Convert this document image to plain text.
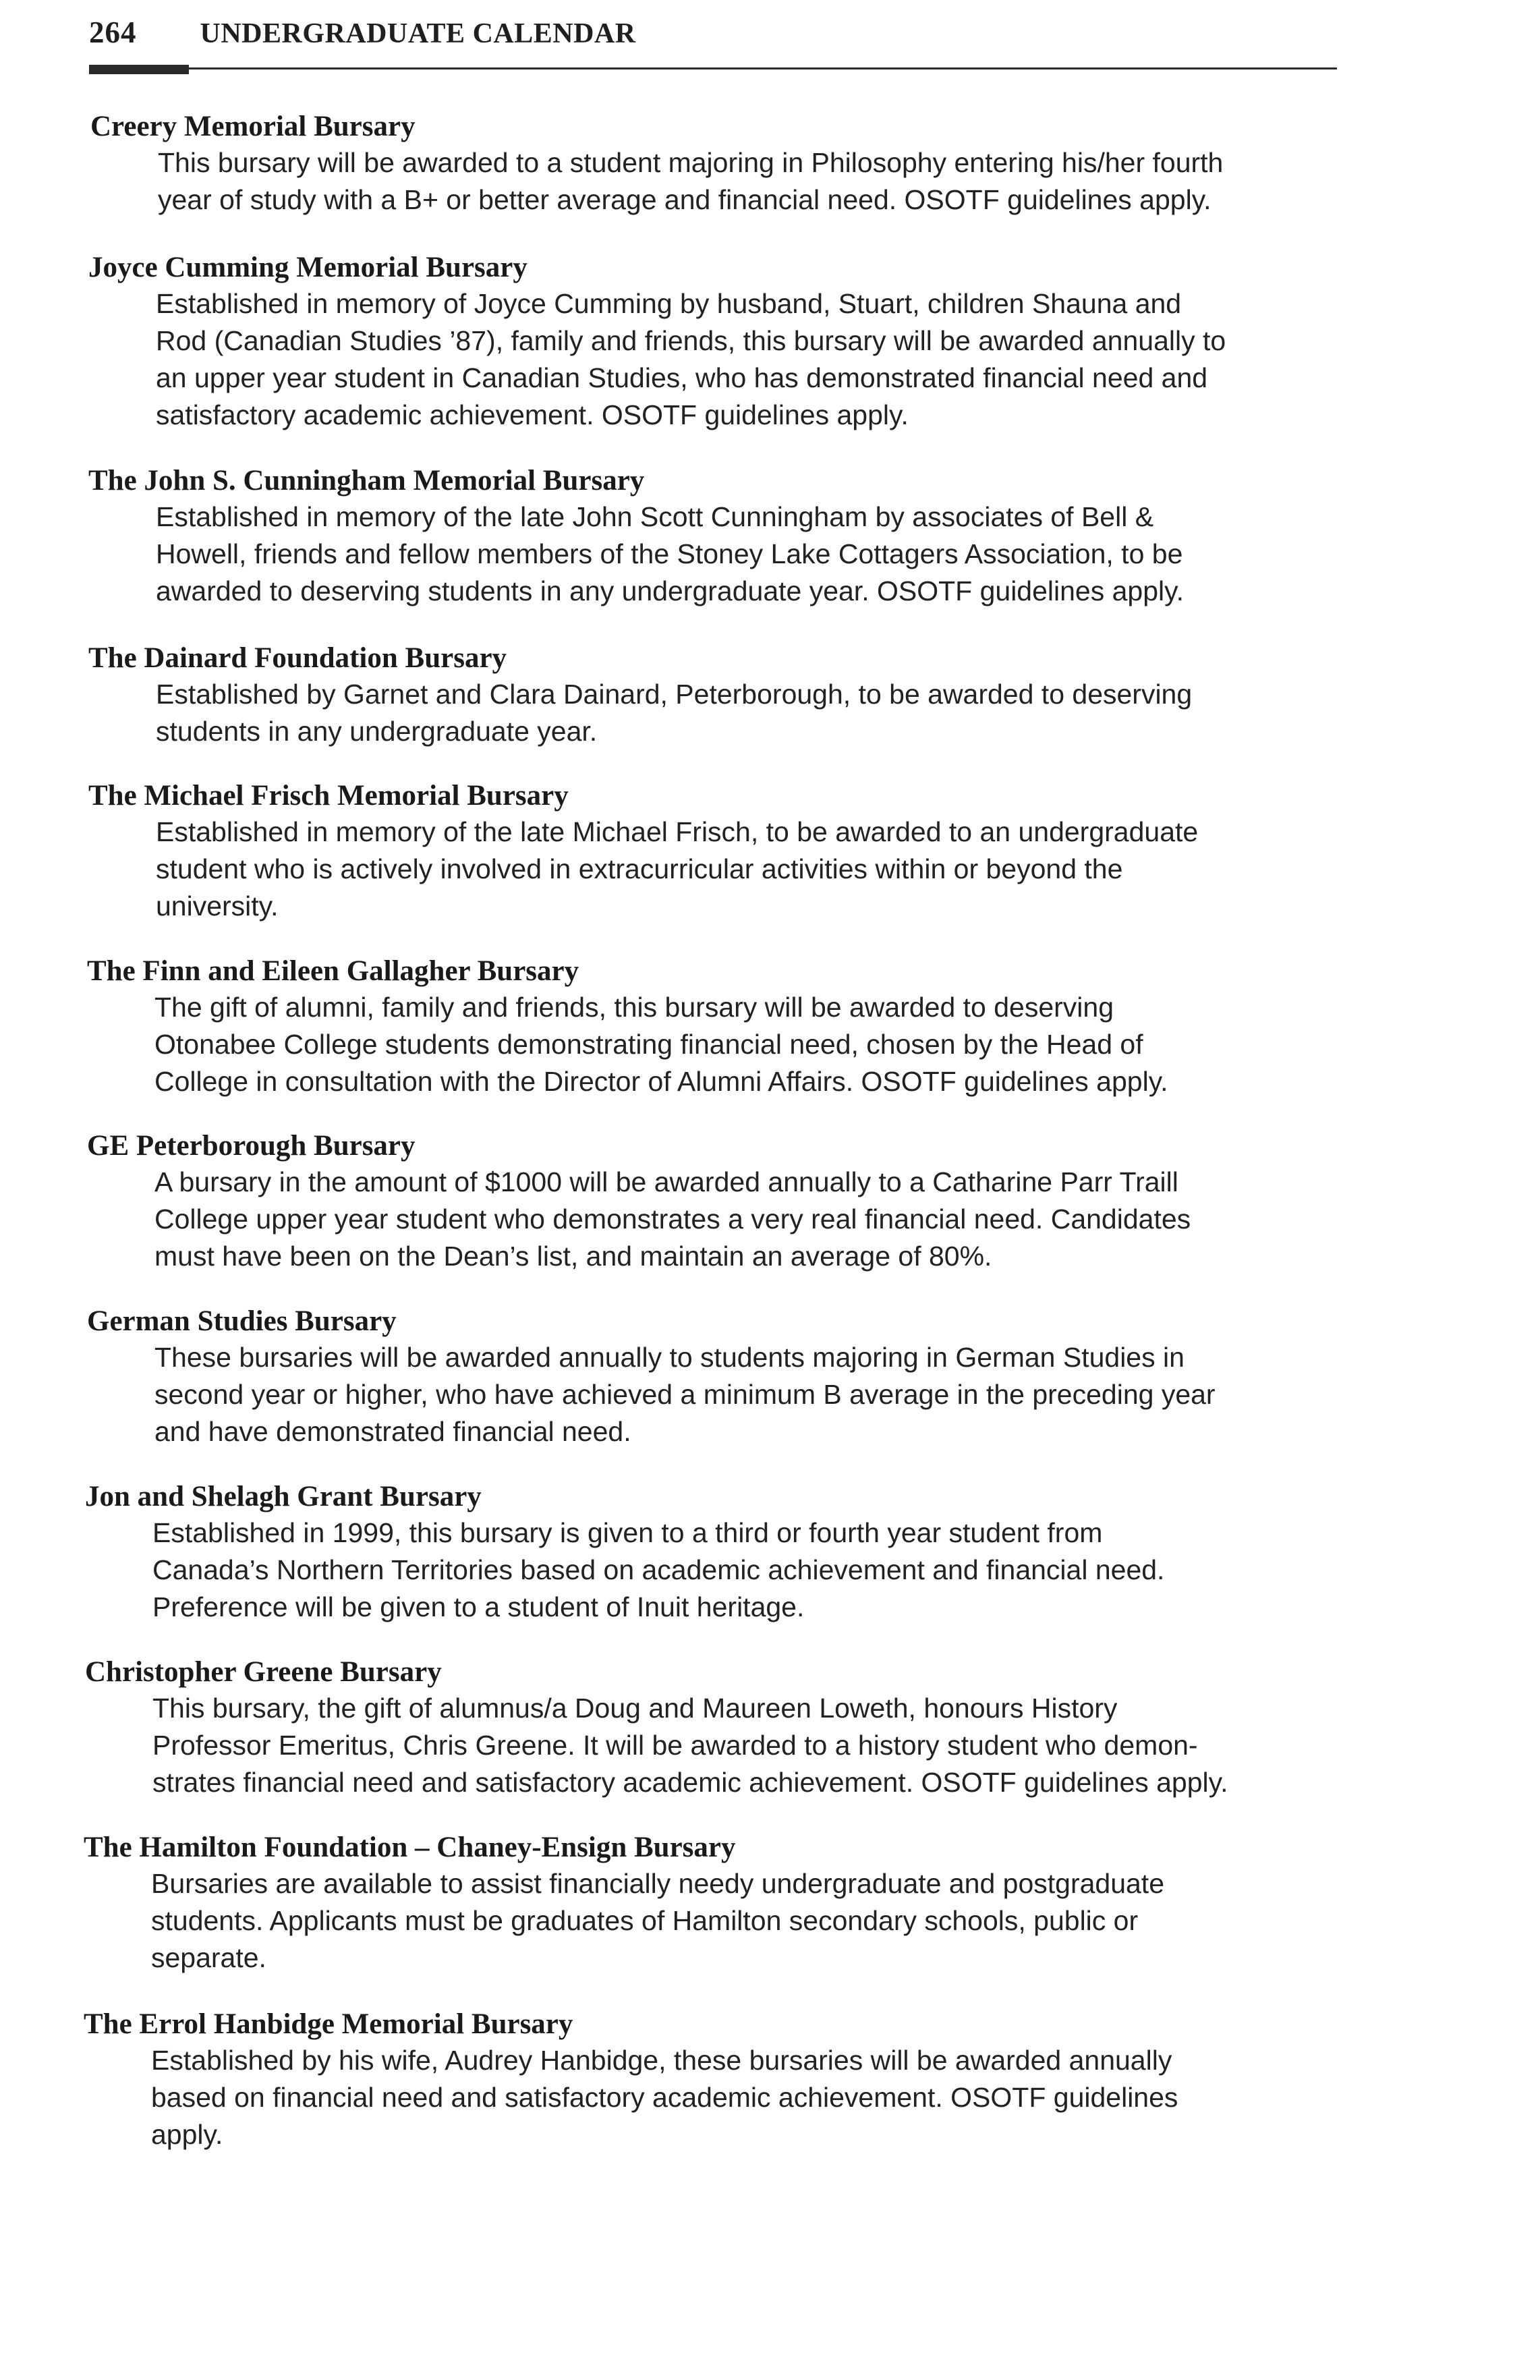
264 UNDERGRADUATE CALENDAR
Creery Memorial Bursary
This bursary will be awarded to a student majoring in Philosophy entering his/her fourth
year of study with a B+ or better average and financial need. OSOTF guidelines apply.
Joyce Cumming Memorial Bursary
Established in memory of Joyce Cumming by husband, Stuart, children Shauna and
Rod (Canadian Studies ’87), family and friends, this bursary will be awarded annually to
an upper year student in Canadian Studies, who has demonstrated financial need and
satisfactory academic achievement. OSOTF guidelines apply.
The John S. Cunningham Memorial Bursary
Established in memory of the late John Scott Cunningham by associates of Bell &
Howell, friends and fellow members of the Stoney Lake Cottagers Association, to be
awarded to deserving students in any undergraduate year. OSOTF guidelines apply.
The Dainard Foundation Bursary
Established by Garnet and Clara Dainard, Peterborough, to be awarded to deserving
students in any undergraduate year.
The Michael Frisch Memorial Bursary
Established in memory of the late Michael Frisch, to be awarded to an undergraduate
student who is actively involved in extracurricular activities within or beyond the
university.
The Finn and Eileen Gallagher Bursary
The gift of alumni, family and friends, this bursary will be awarded to deserving
Otonabee College students demonstrating financial need, chosen by the Head of
College in consultation with the Director of Alumni Affairs. OSOTF guidelines apply.
GE Peterborough Bursary
A bursary in the amount of $1000 will be awarded annually to a Catharine Parr Traill
College upper year student who demonstrates a very real financial need. Candidates
must have been on the Dean’s list, and maintain an average of 80%.
German Studies Bursary
These bursaries will be awarded annually to students majoring in German Studies in
second year or higher, who have achieved a minimum B average in the preceding year
and have demonstrated financial need.
Jon and Shelagh Grant Bursary
Established in 1999, this bursary is given to a third or fourth year student from
Canada’s Northern Territories based on academic achievement and financial need.
Preference will be given to a student of Inuit heritage.
Christopher Greene Bursary
This bursary, the gift of alumnus/a Doug and Maureen Loweth, honours History
Professor Emeritus, Chris Greene. It will be awarded to a history student who demon-
strates financial need and satisfactory academic achievement. OSOTF guidelines apply.
The Hamilton Foundation – Chaney-Ensign Bursary
Bursaries are available to assist financially needy undergraduate and postgraduate
students. Applicants must be graduates of Hamilton secondary schools, public or
separate.
The Errol Hanbidge Memorial Bursary
Established by his wife, Audrey Hanbidge, these bursaries will be awarded annually
based on financial need and satisfactory academic achievement. OSOTF guidelines
apply.
